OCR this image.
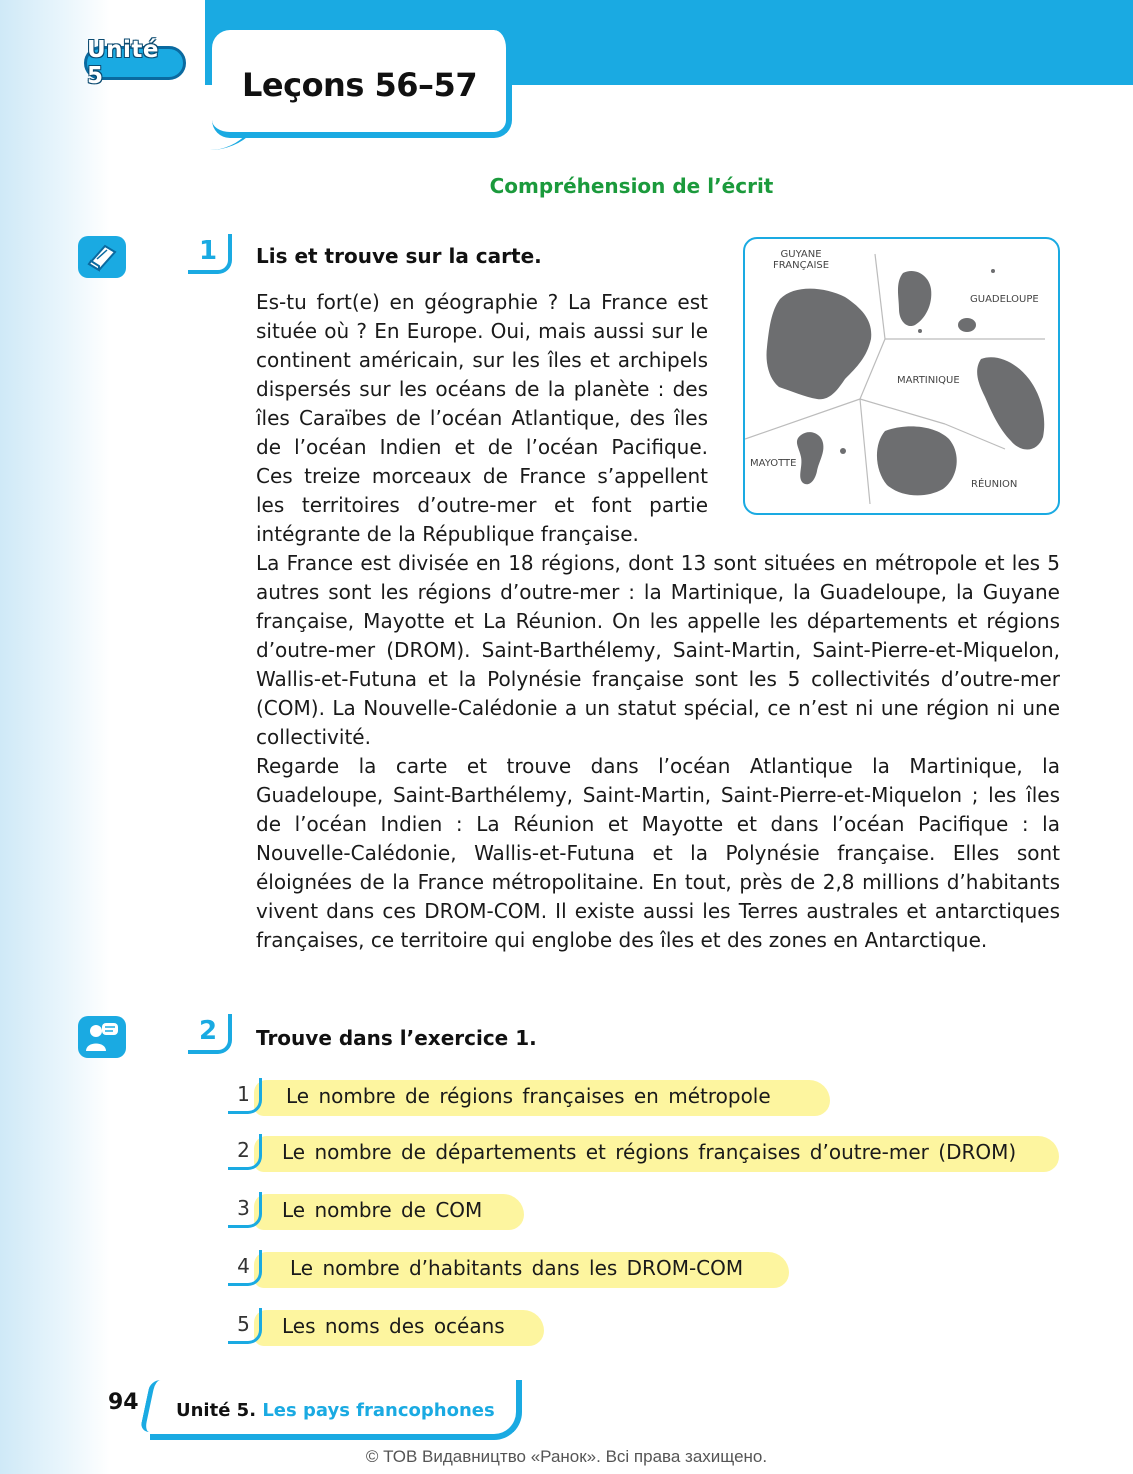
Unité 5	Leçons 56–57
Compréhension de l’écrit
1	Lis et trouve sur la carte.
Es-tu fort(e) en géographie ? La France est située où ? En Europe. Oui, mais aussi sur le continent américain, sur les îles et archipels dispersés sur les océans de la planète : des îles Caraïbes de l’océan Atlantique, des îles de l’océan Indien et de l’océan Pacifique. Ces treize morceaux de France s’appellent les territoires d’outre-mer et font partie intégrante de la République française.
GUYANE
FRANÇAISE
GUADELOUPE
MARTINIQUE
MAYOTTE
RÉUNION
La France est divisée en 18 régions, dont 13 sont situées en métropole et les 5 autres sont les régions d’outre-mer : la Martinique, la Guadeloupe, la Guyane française, Mayotte et La Réunion. On les appelle les départements et régions d’outre-mer (DROM). Saint-Barthélemy, Saint-Martin, Saint-Pierre-et-Miquelon, Wallis-et-Futuna et la Polynésie française sont les 5 collectivités d’outre-mer (COM). La Nouvelle-Calédonie a un statut spécial, ce n’est ni une région ni une collectivité.
Regarde la carte et trouve dans l’océan Atlantique la Martinique, la Guadeloupe, Saint-Barthélemy, Saint-Martin, Saint-Pierre-et-Miquelon ; les îles de l’océan Indien : La Réunion et Mayotte et dans l’océan Pacifique : la Nouvelle-Calédonie, Wallis-et-Futuna et la Polynésie française. Elles sont éloignées de la France métropolitaine. En tout, près de 2,8 millions d’habitants vivent dans ces DROM-COM. Il existe aussi les Terres australes et antarctiques françaises, ce territoire qui englobe des îles et des zones en Antarctique.
2	Trouve dans l’exercice 1.
1	Le nombre de régions françaises en métropole
2	Le nombre de départements et régions françaises d’outre-mer (DROM)
3	Le nombre de COM
4	Le nombre d’habitants dans les DROM-COM
5	Les noms des océans
94 Unité 5. Les pays francophones
© ТОВ Видавництво «Ранок». Всі права захищено.
